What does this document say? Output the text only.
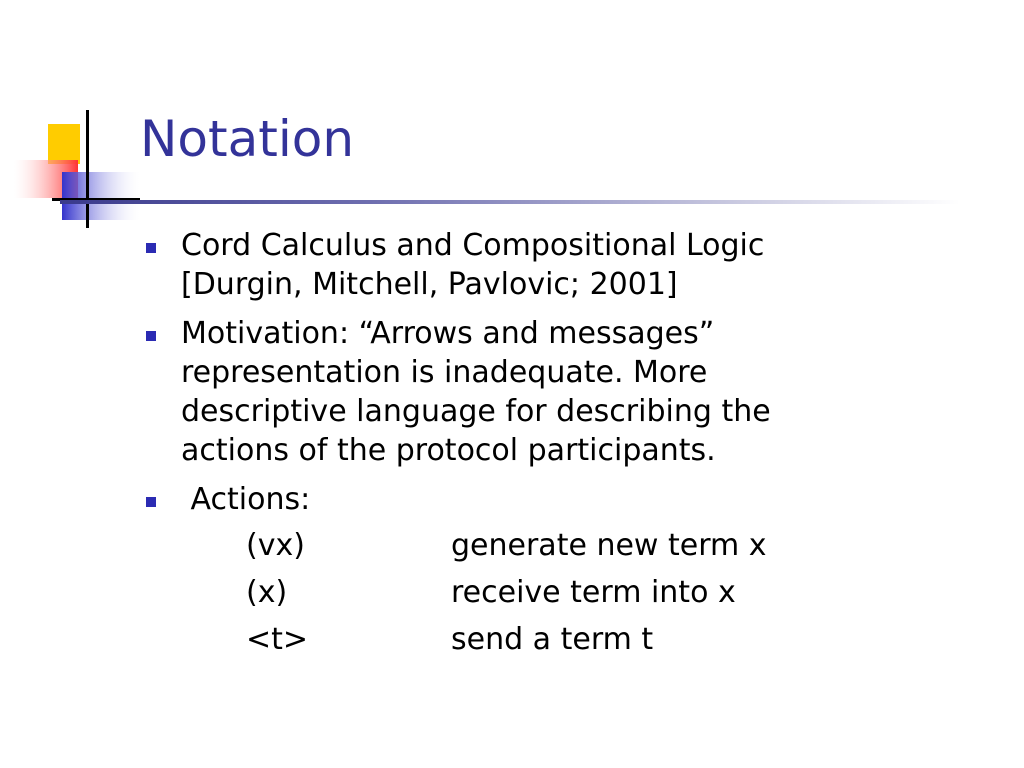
Notation
Cord Calculus and Compositional Logic
[Durgin, Mitchell, Pavlovic; 2001]
Motivation: “Arrows and messages”
representation is inadequate. More
descriptive language for describing the
actions of the protocol participants.
Actions:
(vx)	generate new term x
(x)	receive term into x
<t>	send a term t
